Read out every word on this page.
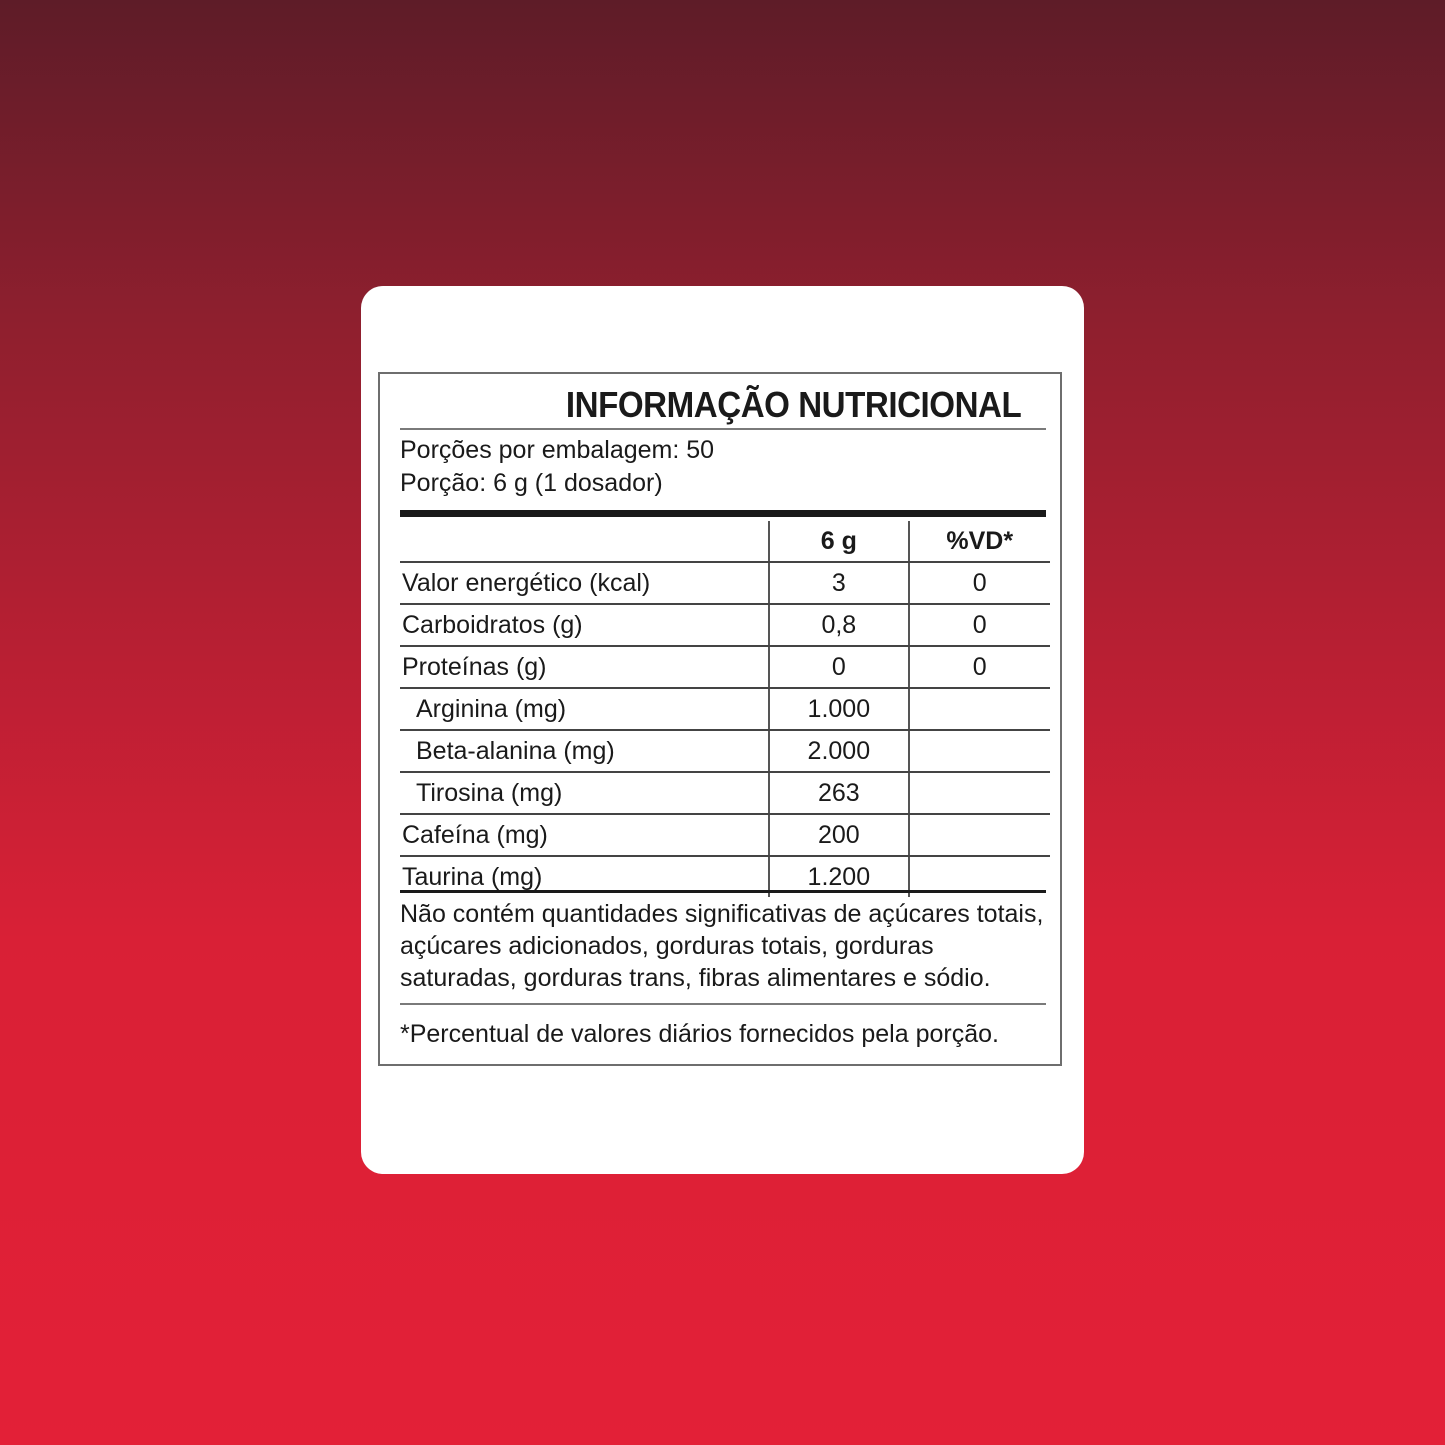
INFORMAÇÃO NUTRICIONAL
Porções por embalagem: 50
Porção: 6 g (1 dosador)
	6 g	%VD*
Valor energético (kcal)	3	0
Carboidratos (g)	0,8	0
Proteínas (g)	0	0
Arginina (mg)	1.000	
Beta-alanina (mg)	2.000	
Tirosina (mg)	263	
Cafeína (mg)	200	
Taurina (mg)	1.200	
Não contém quantidades significativas de açúcares totais, açúcares adicionados, gorduras totais, gorduras saturadas, gorduras trans, fibras alimentares e sódio.
*Percentual de valores diários fornecidos pela porção.
